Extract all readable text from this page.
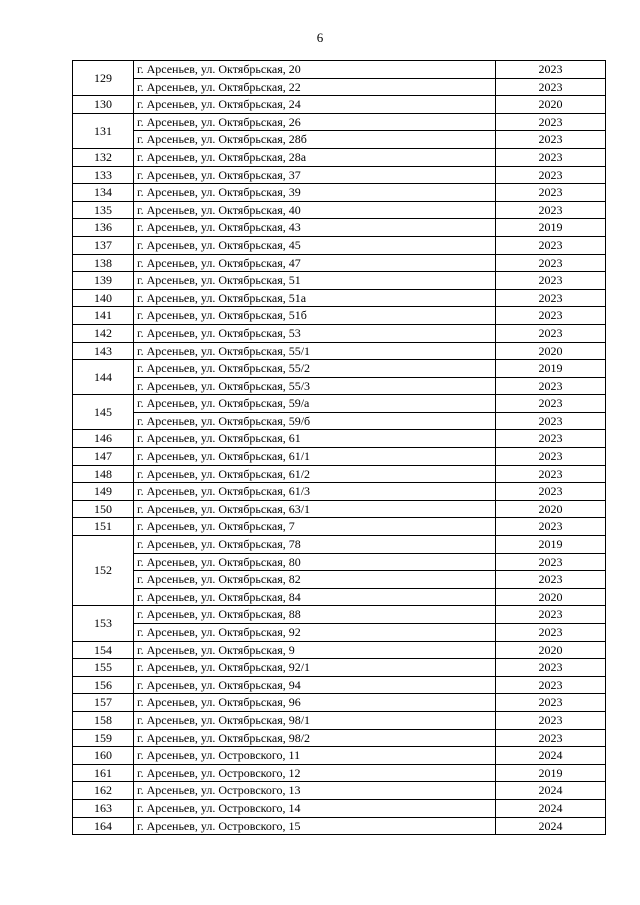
6
129	г. Арсеньев, ул. Октябрьская, 20	2023
	г. Арсеньев, ул. Октябрьская, 22	2023
130	г. Арсеньев, ул. Октябрьская, 24	2020
131	г. Арсеньев, ул. Октябрьская, 26	2023
	г. Арсеньев, ул. Октябрьская, 28б	2023
132	г. Арсеньев, ул. Октябрьская, 28а	2023
133	г. Арсеньев, ул. Октябрьская, 37	2023
134	г. Арсеньев, ул. Октябрьская, 39	2023
135	г. Арсеньев, ул. Октябрьская, 40	2023
136	г. Арсеньев, ул. Октябрьская, 43	2019
137	г. Арсеньев, ул. Октябрьская, 45	2023
138	г. Арсеньев, ул. Октябрьская, 47	2023
139	г. Арсеньев, ул. Октябрьская, 51	2023
140	г. Арсеньев, ул. Октябрьская, 51а	2023
141	г. Арсеньев, ул. Октябрьская, 51б	2023
142	г. Арсеньев, ул. Октябрьская, 53	2023
143	г. Арсеньев, ул. Октябрьская, 55/1	2020
144	г. Арсеньев, ул. Октябрьская, 55/2	2019
	г. Арсеньев, ул. Октябрьская, 55/3	2023
145	г. Арсеньев, ул. Октябрьская, 59/а	2023
	г. Арсеньев, ул. Октябрьская, 59/б	2023
146	г. Арсеньев, ул. Октябрьская, 61	2023
147	г. Арсеньев, ул. Октябрьская, 61/1	2023
148	г. Арсеньев, ул. Октябрьская, 61/2	2023
149	г. Арсеньев, ул. Октябрьская, 61/3	2023
150	г. Арсеньев, ул. Октябрьская, 63/1	2020
151	г. Арсеньев, ул. Октябрьская, 7	2023
152	г. Арсеньев, ул. Октябрьская, 78	2019
	г. Арсеньев, ул. Октябрьская, 80	2023
	г. Арсеньев, ул. Октябрьская, 82	2023
	г. Арсеньев, ул. Октябрьская, 84	2020
153	г. Арсеньев, ул. Октябрьская, 88	2023
	г. Арсеньев, ул. Октябрьская, 92	2023
154	г. Арсеньев, ул. Октябрьская, 9	2020
155	г. Арсеньев, ул. Октябрьская, 92/1	2023
156	г. Арсеньев, ул. Октябрьская, 94	2023
157	г. Арсеньев, ул. Октябрьская, 96	2023
158	г. Арсеньев, ул. Октябрьская, 98/1	2023
159	г. Арсеньев, ул. Октябрьская, 98/2	2023
160	г. Арсеньев, ул. Островского, 11	2024
161	г. Арсеньев, ул. Островского, 12	2019
162	г. Арсеньев, ул. Островского, 13	2024
163	г. Арсеньев, ул. Островского, 14	2024
164	г. Арсеньев, ул. Островского, 15	2024
